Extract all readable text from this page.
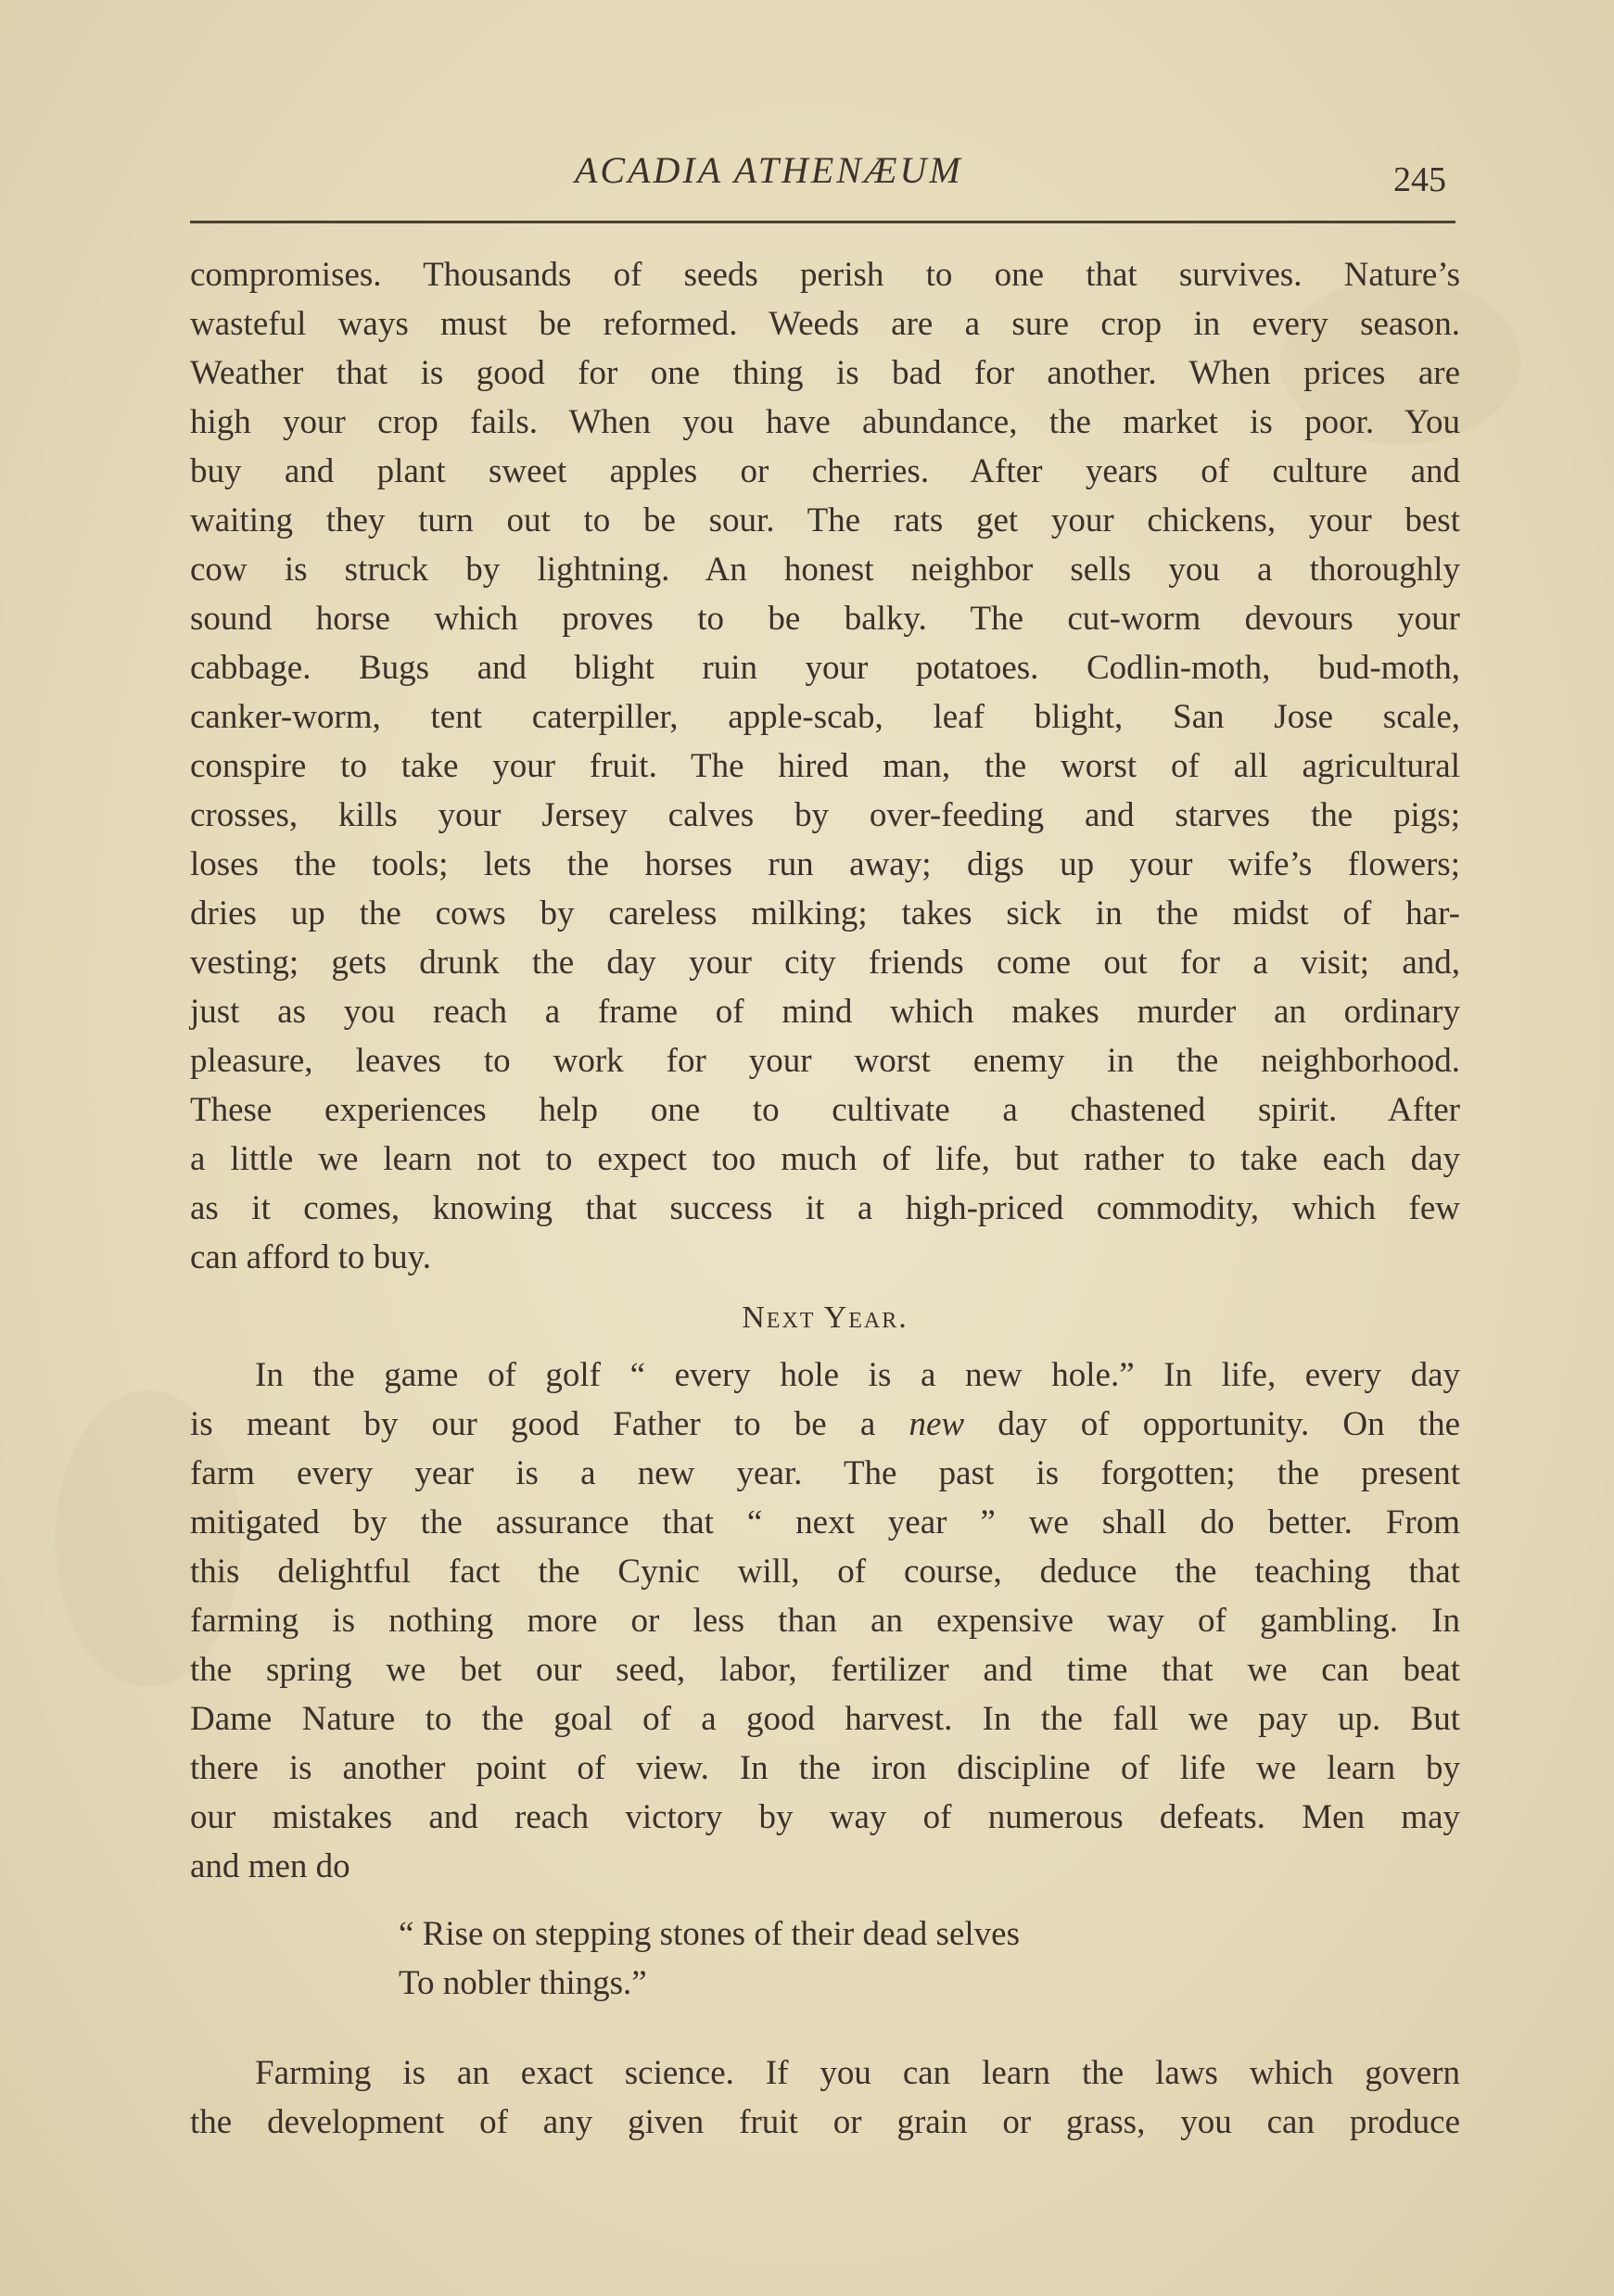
ACADIA ATHENÆUM	245
compromises. Thousands of seeds perish to one that survives. Nature’s
wasteful ways must be reformed. Weeds are a sure crop in every season.
Weather that is good for one thing is bad for another. When prices are
high your crop fails. When you have abundance, the market is poor. You
buy and plant sweet apples or cherries. After years of culture and
waiting they turn out to be sour. The rats get your chickens, your best
cow is struck by lightning. An honest neighbor sells you a thoroughly
sound horse which proves to be balky. The cut-worm devours your
cabbage. Bugs and blight ruin your potatoes. Codlin-moth, bud-moth,
canker-worm, tent caterpiller, apple-scab, leaf blight, San Jose scale,
conspire to take your fruit. The hired man, the worst of all agricultural
crosses, kills your Jersey calves by over-feeding and starves the pigs;
loses the tools; lets the horses run away; digs up your wife’s flowers;
dries up the cows by careless milking; takes sick in the midst of har-
vesting; gets drunk the day your city friends come out for a visit; and,
just as you reach a frame of mind which makes murder an ordinary
pleasure, leaves to work for your worst enemy in the neighborhood.
These experiences help one to cultivate a chastened spirit. After
a little we learn not to expect too much of life, but rather to take each day
as it comes, knowing that success it a high-priced commodity, which few
can afford to buy.
Next Year.
In the game of golf “ every hole is a new hole.” In life, every day
is meant by our good Father to be a new day of opportunity. On the
farm every year is a new year. The past is forgotten; the present
mitigated by the assurance that “ next year ” we shall do better. From
this delightful fact the Cynic will, of course, deduce the teaching that
farming is nothing more or less than an expensive way of gambling. In
the spring we bet our seed, labor, fertilizer and time that we can beat
Dame Nature to the goal of a good harvest. In the fall we pay up. But
there is another point of view. In the iron discipline of life we learn by
our mistakes and reach victory by way of numerous defeats. Men may
and men do
“ Rise on stepping stones of their dead selves
To nobler things.”
Farming is an exact science. If you can learn the laws which govern
the development of any given fruit or grain or grass, you can produce
